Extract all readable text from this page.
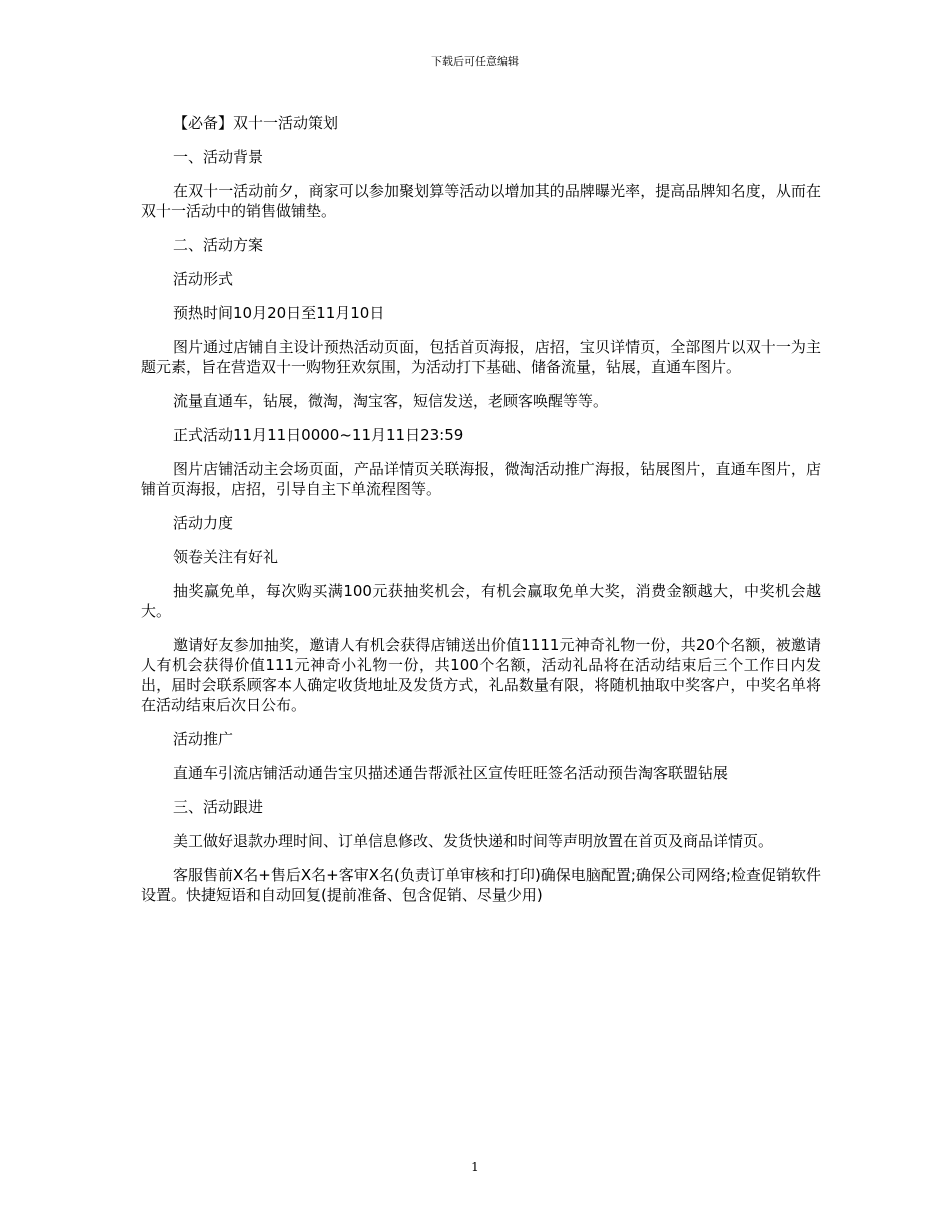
下载后可任意编辑

【必备】双十一活动策划

一、活动背景

在双十一活动前夕，商家可以参加聚划算等活动以增加其的品牌曝光率，提高品牌知名度，从而在双十一活动中的销售做铺垫。

二、活动方案

活动形式

预热时间10月20日至11月10日

图片通过店铺自主设计预热活动页面，包括首页海报，店招，宝贝详情页，全部图片以双十一为主题元素，旨在营造双十一购物狂欢氛围，为活动打下基础、储备流量，钻展，直通车图片。

流量直通车，钻展，微淘，淘宝客，短信发送，老顾客唤醒等等。

正式活动11月11日0000~11月11日23:59

图片店铺活动主会场页面，产品详情页关联海报，微淘活动推广海报，钻展图片，直通车图片，店铺首页海报，店招，引导自主下单流程图等。

活动力度

领卷关注有好礼

抽奖赢免单，每次购买满100元获抽奖机会，有机会赢取免单大奖，消费金额越大，中奖机会越大。

邀请好友参加抽奖，邀请人有机会获得店铺送出价值1111元神奇礼物一份，共20个名额，被邀请人有机会获得价值111元神奇小礼物一份，共100个名额，活动礼品将在活动结束后三个工作日内发出，届时会联系顾客本人确定收货地址及发货方式，礼品数量有限，将随机抽取中奖客户，中奖名单将在活动结束后次日公布。

活动推广

直通车引流店铺活动通告宝贝描述通告帮派社区宣传旺旺签名活动预告淘客联盟钻展

三、活动跟进

美工做好退款办理时间、订单信息修改、发货快递和时间等声明放置在首页及商品详情页。

客服售前X名+售后X名+客审X名(负责订单审核和打印)确保电脑配置;确保公司网络;检查促销软件设置。快捷短语和自动回复(提前准备、包含促销、尽量少用)

1
